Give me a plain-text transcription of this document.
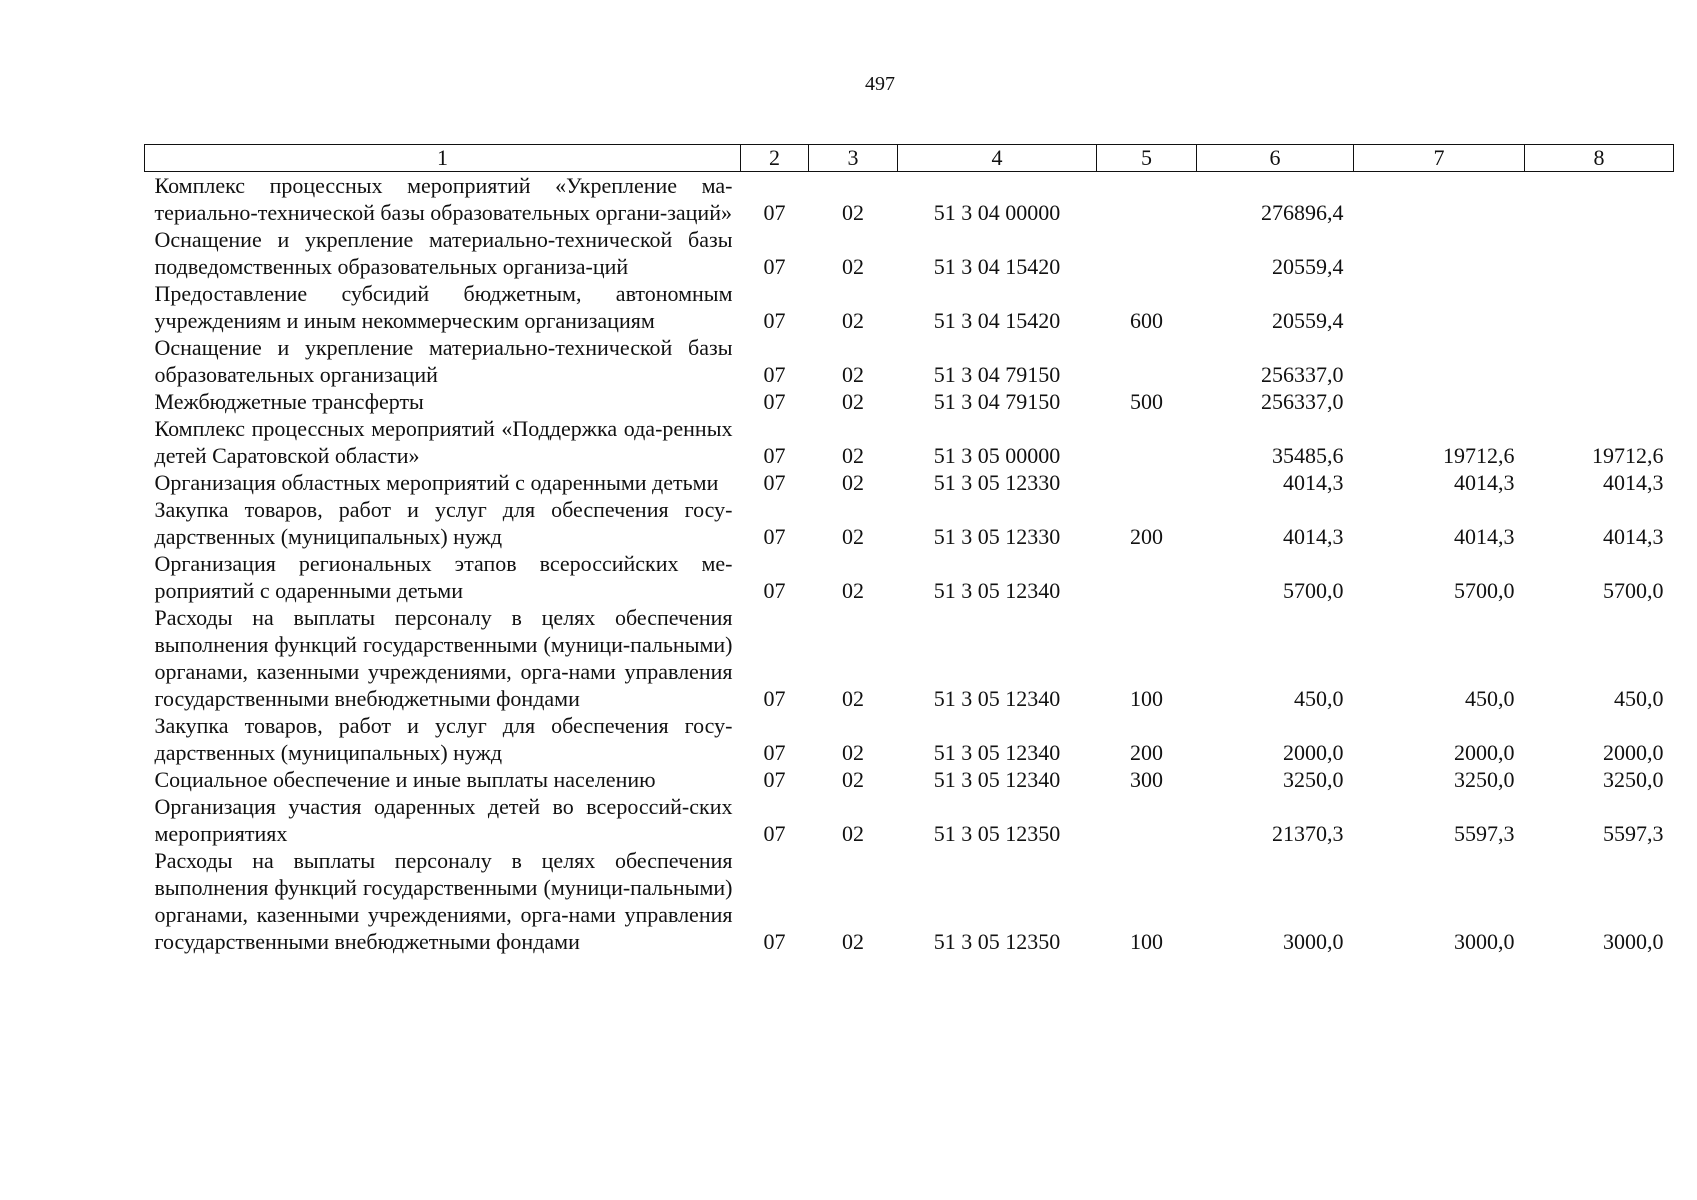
497
1	2	3	4	5	6	7	8
Комплекс процессных мероприятий «Укрепление ма-териально-технической базы образовательных органи-заций»	07	02	51 3 04 00000		276896,4		
Оснащение и укрепление материально-технической базы подведомственных образовательных организа-ций	07	02	51 3 04 15420		20559,4		
Предоставление субсидий бюджетным, автономным учреждениям и иным некоммерческим организациям	07	02	51 3 04 15420	600	20559,4		
Оснащение и укрепление материально-технической базы образовательных организаций	07	02	51 3 04 79150		256337,0		
Межбюджетные трансферты	07	02	51 3 04 79150	500	256337,0		
Комплекс процессных мероприятий «Поддержка ода-ренных детей Саратовской области»	07	02	51 3 05 00000		35485,6	19712,6	19712,6
Организация областных мероприятий с одаренными детьми	07	02	51 3 05 12330		4014,3	4014,3	4014,3
Закупка товаров, работ и услуг для обеспечения госу-дарственных (муниципальных) нужд	07	02	51 3 05 12330	200	4014,3	4014,3	4014,3
Организация региональных этапов всероссийских ме-роприятий с одаренными детьми	07	02	51 3 05 12340		5700,0	5700,0	5700,0
Расходы на выплаты персоналу в целях обеспечения выполнения функций государственными (муници-пальными) органами, казенными учреждениями, орга-нами управления государственными внебюджетными фондами	07	02	51 3 05 12340	100	450,0	450,0	450,0
Закупка товаров, работ и услуг для обеспечения госу-дарственных (муниципальных) нужд	07	02	51 3 05 12340	200	2000,0	2000,0	2000,0
Социальное обеспечение и иные выплаты населению	07	02	51 3 05 12340	300	3250,0	3250,0	3250,0
Организация участия одаренных детей во всероссий-ских мероприятиях	07	02	51 3 05 12350		21370,3	5597,3	5597,3
Расходы на выплаты персоналу в целях обеспечения выполнения функций государственными (муници-пальными) органами, казенными учреждениями, орга-нами управления государственными внебюджетными фондами	07	02	51 3 05 12350	100	3000,0	3000,0	3000,0
